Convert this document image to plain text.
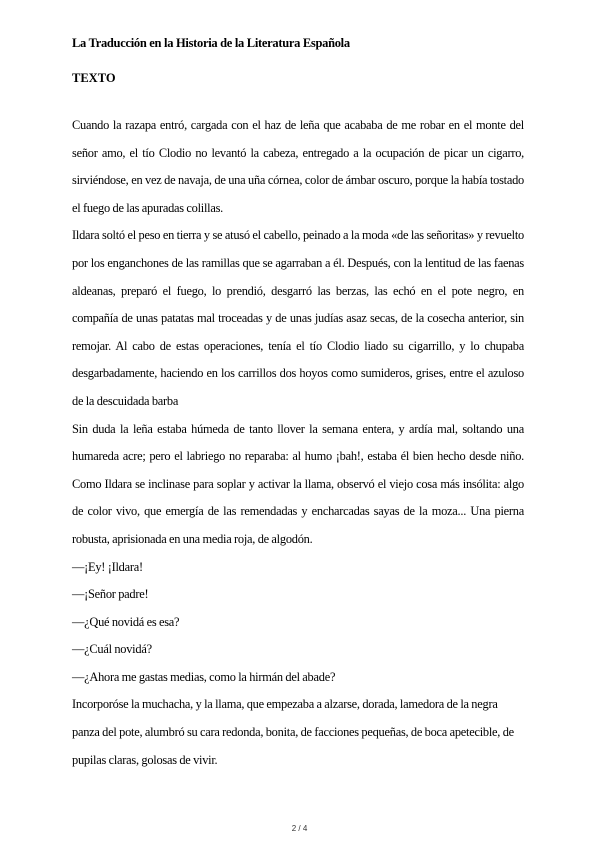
La Traducción en la Historia de la Literatura Española
TEXTO

Cuando la razapa entró, cargada con el haz de leña que acababa de me robar en el monte del señor amo, el tío Clodio no levantó la cabeza, entregado a la ocupación de picar un cigarro, sirviéndose, en vez de navaja, de una uña córnea, color de ámbar oscuro, porque la había tostado el fuego de las apuradas colillas.

Ildara soltó el peso en tierra y se atusó el cabello, peinado a la moda «de las señoritas» y revuelto por los enganchones de las ramillas que se agarraban a él. Después, con la lentitud de las faenas aldeanas, preparó el fuego, lo prendió, desgarró las berzas, las echó en el pote negro, en compañía de unas patatas mal troceadas y de unas judías asaz secas, de la cosecha anterior, sin remojar. Al cabo de estas operaciones, tenía el tío Clodio liado su cigarrillo, y lo chupaba desgarbadamente, haciendo en los carrillos dos hoyos como sumideros, grises, entre el azuloso de la descuidada barba

Sin duda la leña estaba húmeda de tanto llover la semana entera, y ardía mal, soltando una humareda acre; pero el labriego no reparaba: al humo ¡bah!, estaba él bien hecho desde niño. Como Ildara se inclinase para soplar y activar la llama, observó el viejo cosa más insólita: algo de color vivo, que emergía de las remendadas y encharcadas sayas de la moza... Una pierna robusta, aprisionada en una media roja, de algodón.

—¡Ey! ¡Ildara!

—¡Señor padre!

—¿Qué novidá es esa?

—¿Cuál novidá?

—¿Ahora me gastas medias, como la hirmán del abade?

Incorporóse la muchacha, y la llama, que empezaba a alzarse, dorada, lamedora de la negra panza del pote, alumbró su cara redonda, bonita, de facciones pequeñas, de boca apetecible, de pupilas claras, golosas de vivir.

2 / 4
